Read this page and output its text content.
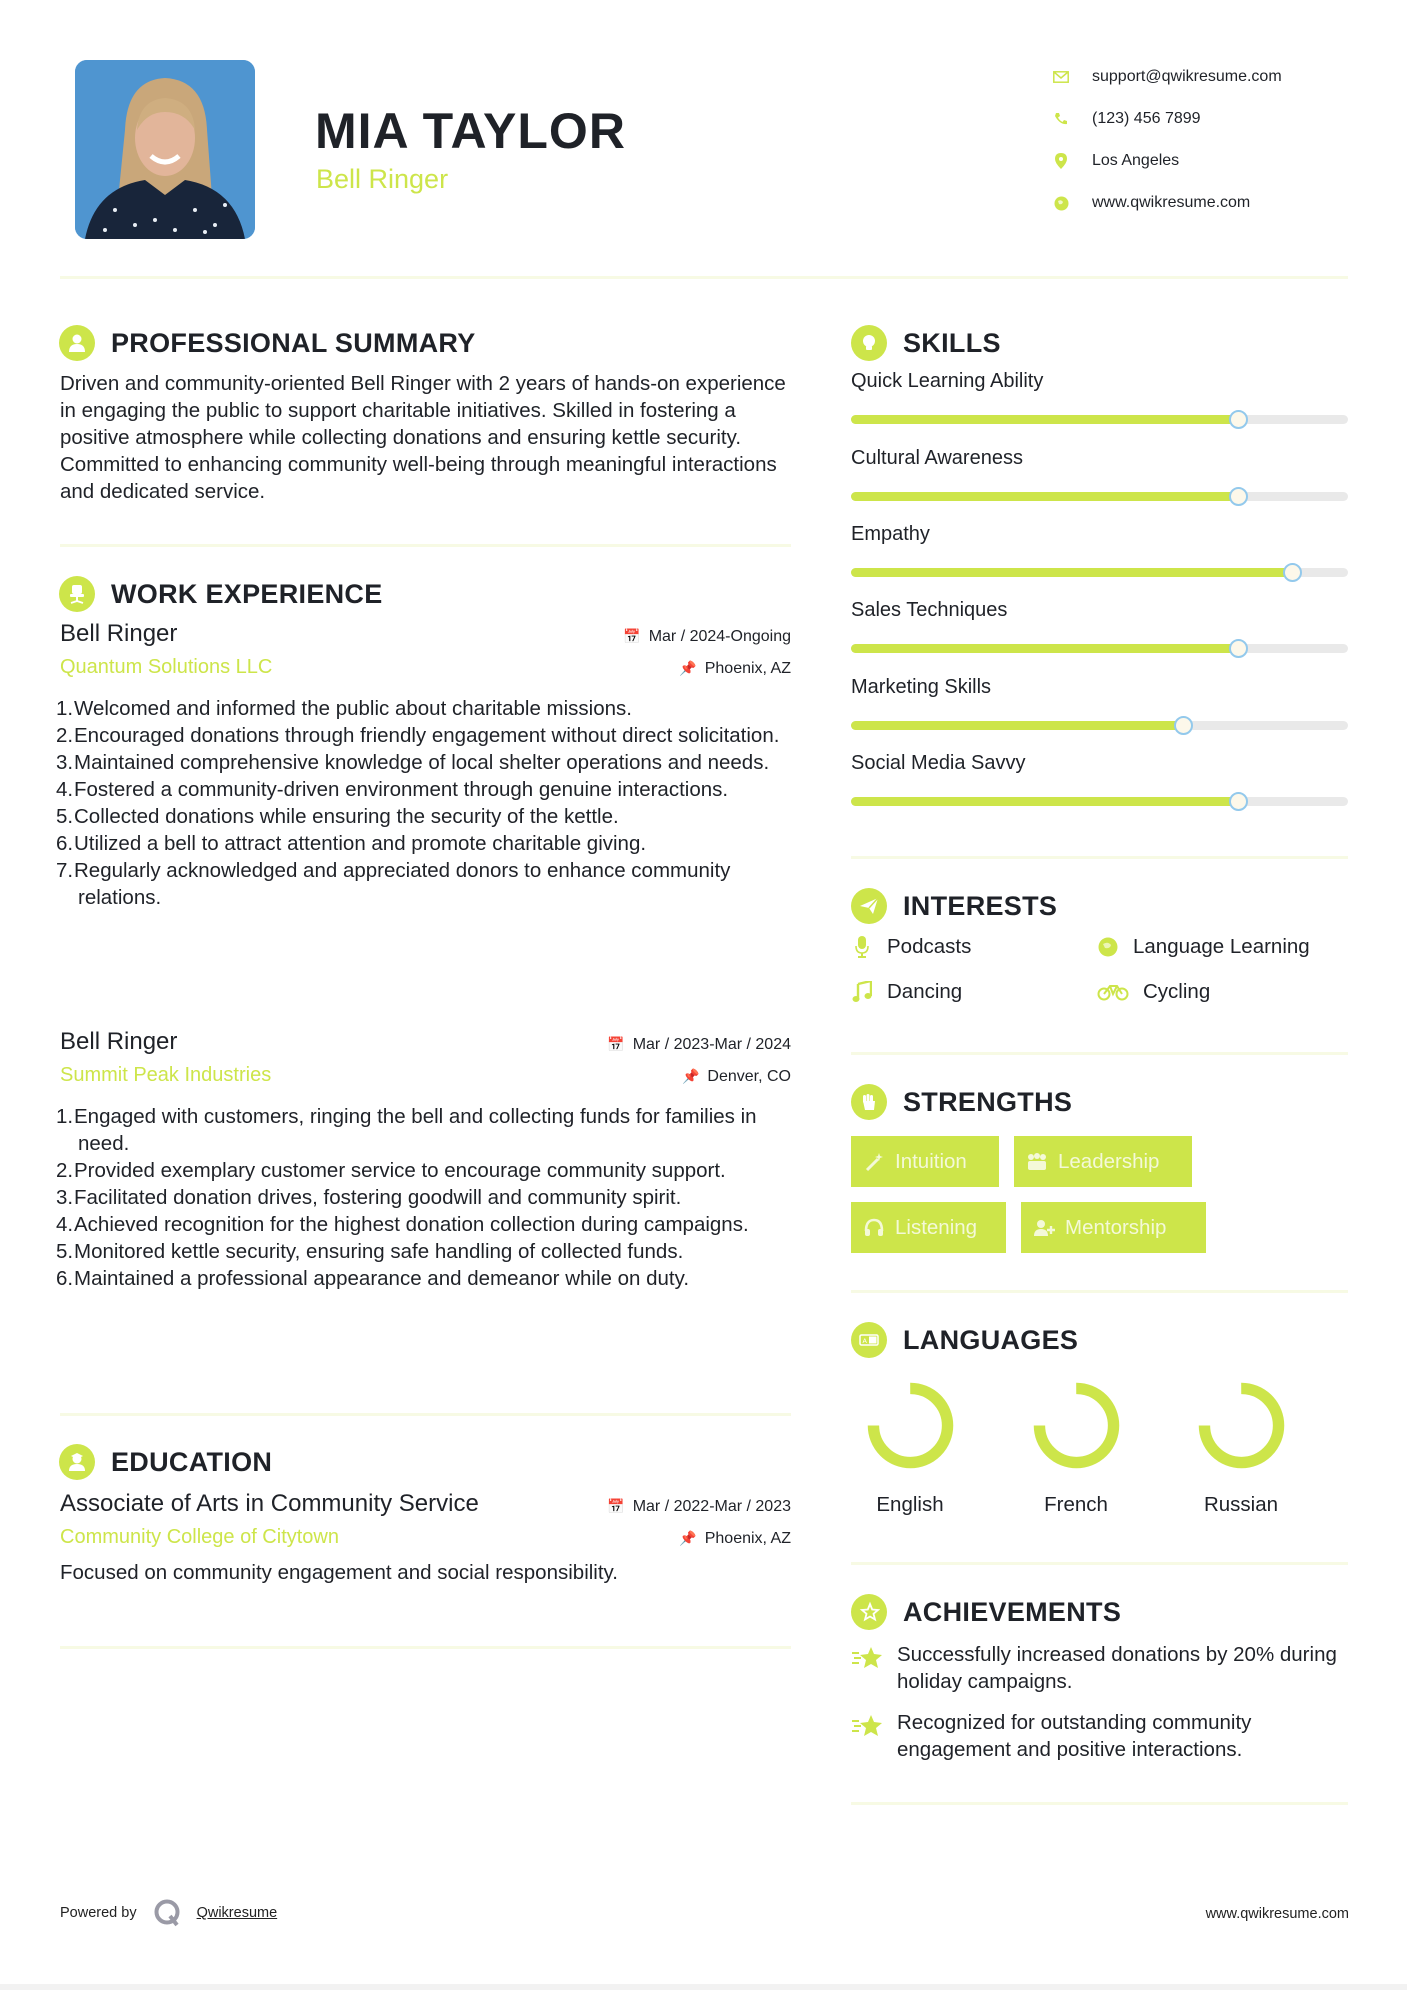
MIA TAYLOR
Bell Ringer
support@qwikresume.com
(123) 456 7899
Los Angeles
www.qwikresume.com
PROFESSIONAL SUMMARY
Driven and community-oriented Bell Ringer with 2 years of hands-on experience in engaging the public to support charitable initiatives. Skilled in fostering a positive atmosphere while collecting donations and ensuring kettle security. Committed to enhancing community well-being through meaningful interactions and dedicated service.
WORK EXPERIENCE
Bell Ringer	📅 Mar / 2024-Ongoing
Quantum Solutions LLC	📌 Phoenix, AZ
1.Welcomed and informed the public about charitable missions.
2.Encouraged donations through friendly engagement without direct solicitation.
3.Maintained comprehensive knowledge of local shelter operations and needs.
4.Fostered a community-driven environment through genuine interactions.
5.Collected donations while ensuring the security of the kettle.
6.Utilized a bell to attract attention and promote charitable giving.
7.Regularly acknowledged and appreciated donors to enhance community relations.
Bell Ringer	📅 Mar / 2023-Mar / 2024
Summit Peak Industries	📌 Denver, CO
1.Engaged with customers, ringing the bell and collecting funds for families in need.
2.Provided exemplary customer service to encourage community support.
3.Facilitated donation drives, fostering goodwill and community spirit.
4.Achieved recognition for the highest donation collection during campaigns.
5.Monitored kettle security, ensuring safe handling of collected funds.
6.Maintained a professional appearance and demeanor while on duty.
EDUCATION
Associate of Arts in Community Service	📅 Mar / 2022-Mar / 2023
Community College of Citytown	📌 Phoenix, AZ
Focused on community engagement and social responsibility.
SKILLS
Quick Learning Ability
Cultural Awareness
Empathy
Sales Techniques
Marketing Skills
Social Media Savvy
INTERESTS
Podcasts	Language Learning
Dancing	Cycling
STRENGTHS
Intuition	Leadership
Listening	Mentorship
A LANGUAGES
English	French	Russian
ACHIEVEMENTS
Successfully increased donations by 20% during holiday campaigns.
Recognized for outstanding community engagement and positive interactions.
Powered by	Qwikresume	www.qwikresume.com
